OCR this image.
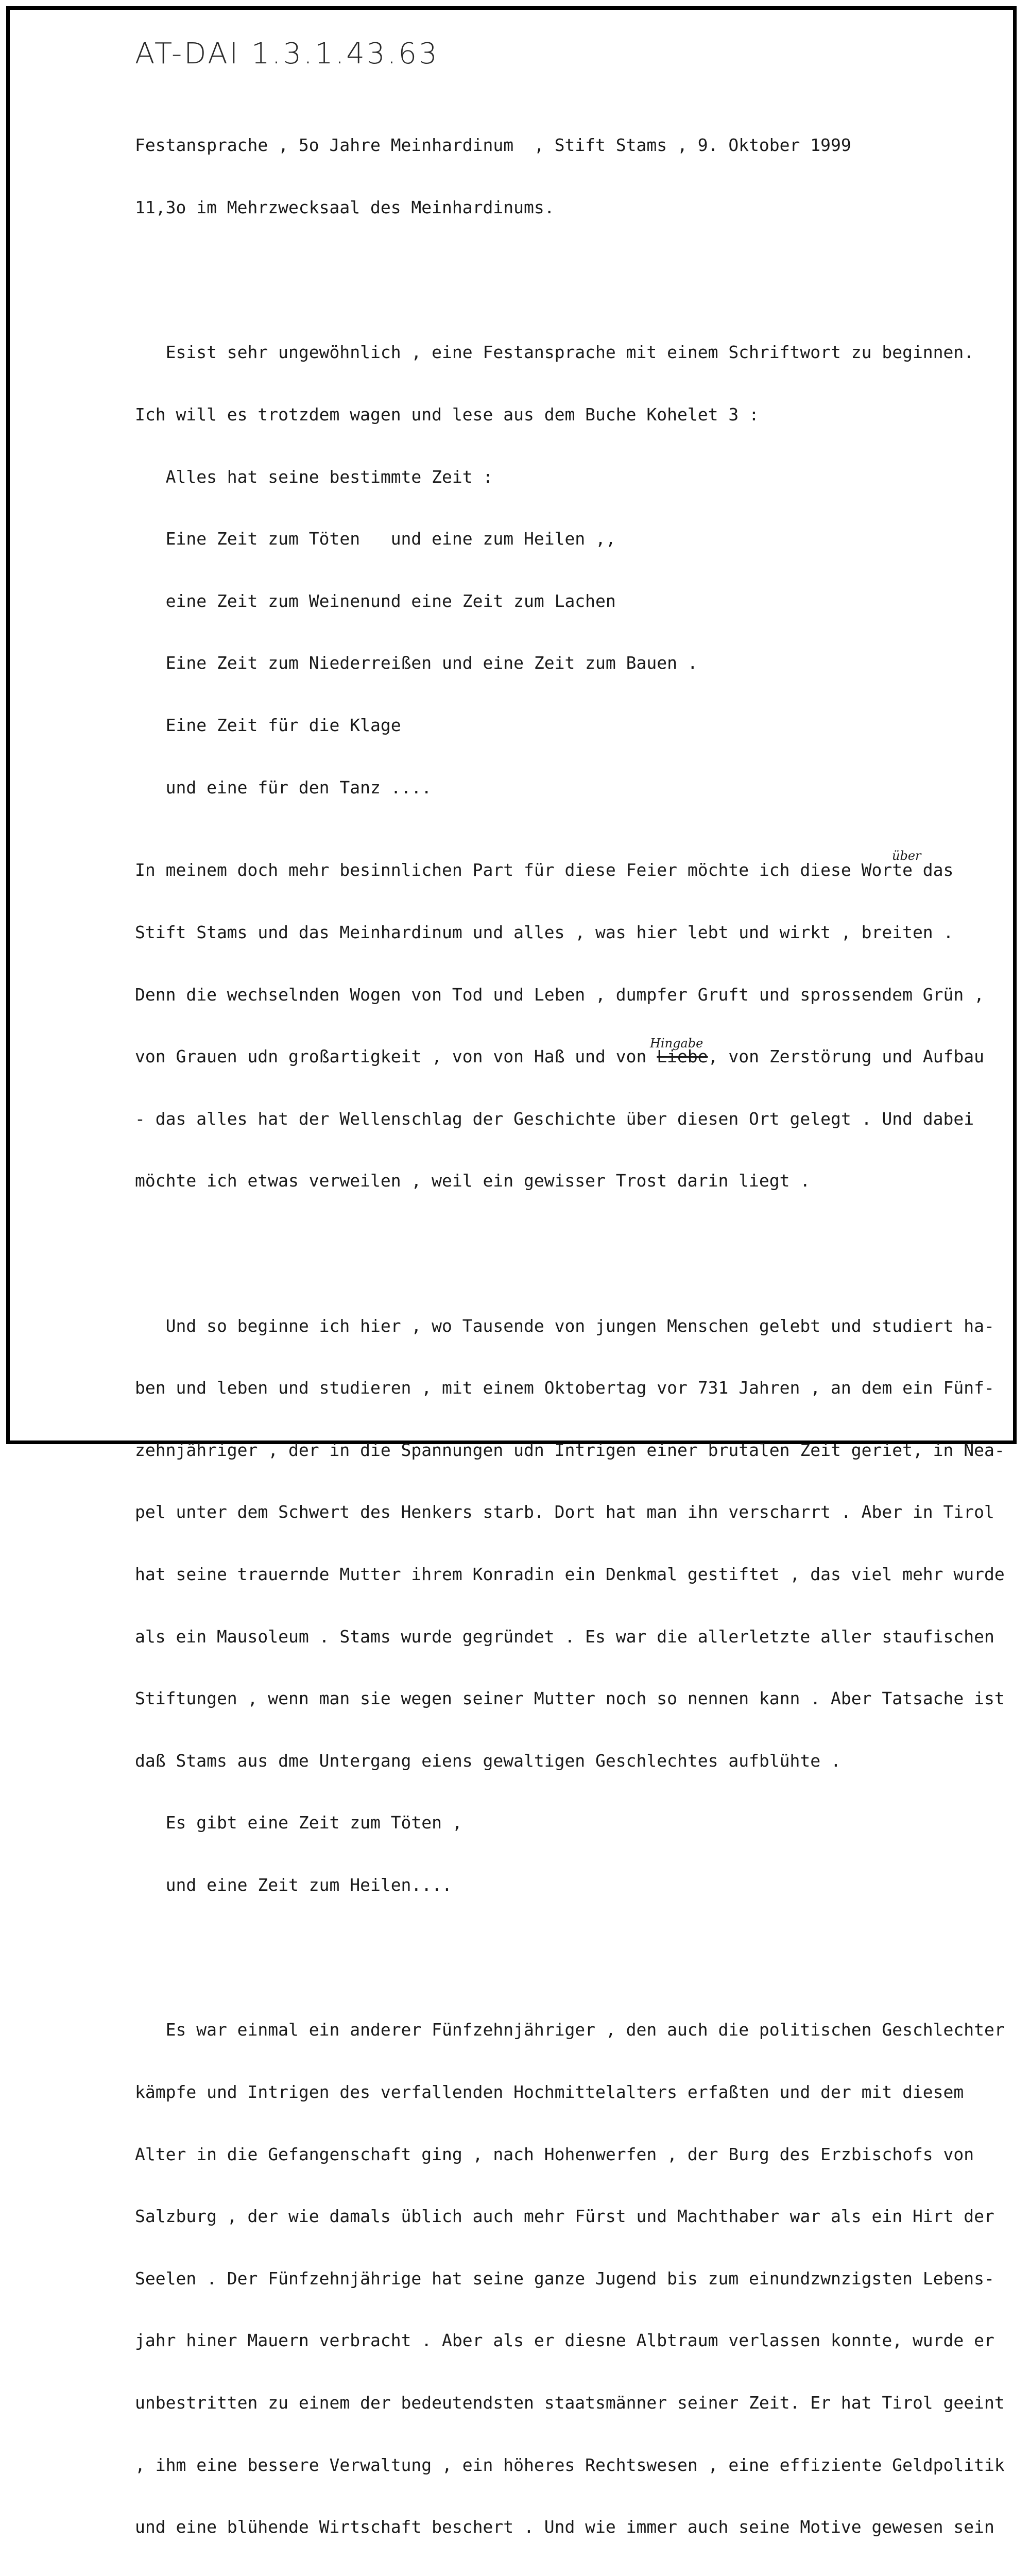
AT-DAI 1.3.1.43.63

Festansprache , 5o Jahre Meinhardinum  , Stift Stams , 9. Oktober 1999

11,3o im Mehrzwecksaal des Meinhardinums.

Esist sehr ungewöhnlich , eine Festansprache mit einem Schriftwort zu beginnen.

Ich will es trotzdem wagen und lese aus dem Buche Kohelet 3 :

Alles hat seine bestimmte Zeit :

Eine Zeit zum Töten   und eine zum Heilen ,,

eine Zeit zum Weinenund eine Zeit zum Lachen

Eine Zeit zum Niederreißen und eine Zeit zum Bauen .

Eine Zeit für die Klage

und eine für den Tanz ....

In meinem doch mehr besinnlichen Part für diese Feier möchte ich diese Worte das
über

Stift Stams und das Meinhardinum und alles , was hier lebt und wirkt , breiten .

Denn die wechselnden Wogen von Tod und Leben , dumpfer Gruft und sprossendem Grün ,

von Grauen udn großartigkeit , von von Haß und von Liebe, von Zerstörung und Aufbau
Hingabe

- das alles hat der Wellenschlag der Geschichte über diesen Ort gelegt . Und dabei

möchte ich etwas verweilen , weil ein gewisser Trost darin liegt .

Und so beginne ich hier , wo Tausende von jungen Menschen gelebt und studiert ha-

ben und leben und studieren , mit einem Oktobertag vor 731 Jahren , an dem ein Fünf-

zehnjähriger , der in die Spannungen udn Intrigen einer brutalen Zeit geriet, in Nea-

pel unter dem Schwert des Henkers starb. Dort hat man ihn verscharrt . Aber in Tirol

hat seine trauernde Mutter ihrem Konradin ein Denkmal gestiftet , das viel mehr wurde

als ein Mausoleum . Stams wurde gegründet . Es war die allerletzte aller staufischen

Stiftungen , wenn man sie wegen seiner Mutter noch so nennen kann . Aber Tatsache ist

daß Stams aus dme Untergang eiens gewaltigen Geschlechtes aufblühte .

Es gibt eine Zeit zum Töten ,

und eine Zeit zum Heilen....

Es war einmal ein anderer Fünfzehnjähriger , den auch die politischen Geschlechter

kämpfe und Intrigen des verfallenden Hochmittelalters erfaßten und der mit diesem

Alter in die Gefangenschaft ging , nach Hohenwerfen , der Burg des Erzbischofs von

Salzburg , der wie damals üblich auch mehr Fürst und Machthaber war als ein Hirt der

Seelen . Der Fünfzehnjährige hat seine ganze Jugend bis zum einundzwnzigsten Lebens-

jahr hiner Mauern verbracht . Aber als er diesne Albtraum verlassen konnte, wurde er

unbestritten zu einem der bedeutendsten staatsmänner seiner Zeit. Er hat Tirol geeint

, ihm eine bessere Verwaltung , ein höheres Rechtswesen , eine effiziente Geldpolitik

und eine blühende Wirtschaft beschert . Und wie immer auch seine Motive gewesen sein
